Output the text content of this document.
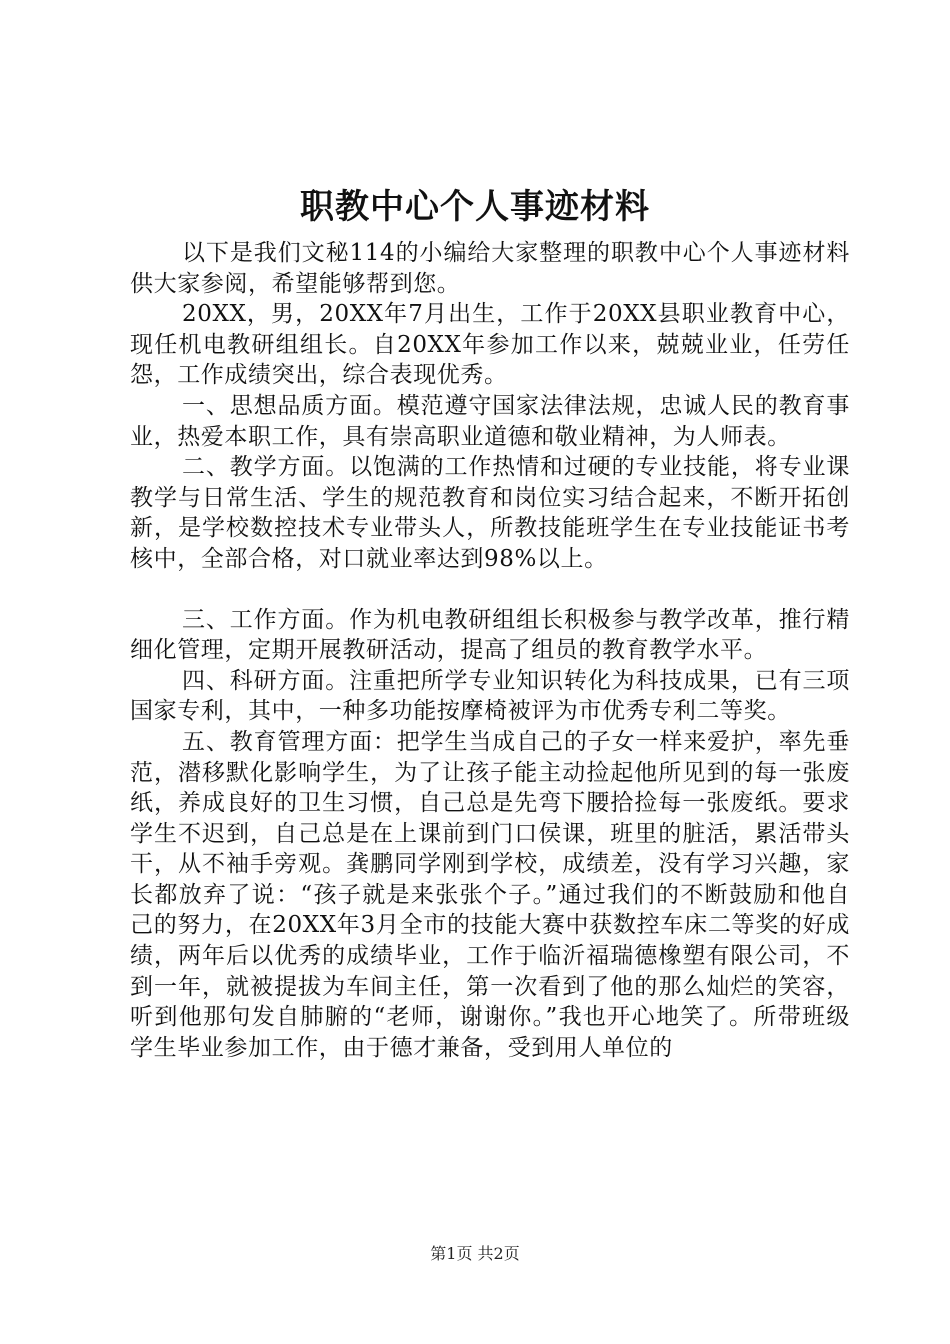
职教中心个人事迹材料

以下是我们文秘114的小编给大家整理的职教中心个人事迹材料供大家参阅，希望能够帮到您。

20XX，男，20XX年7月出生，工作于20XX县职业教育中心，现任机电教研组组长。自20XX年参加工作以来，兢兢业业，任劳任怨，工作成绩突出，综合表现优秀。

一、思想品质方面。模范遵守国家法律法规，忠诚人民的教育事业，热爱本职工作，具有崇高职业道德和敬业精神，为人师表。

二、教学方面。以饱满的工作热情和过硬的专业技能，将专业课教学与日常生活、学生的规范教育和岗位实习结合起来，不断开拓创新，是学校数控技术专业带头人，所教技能班学生在专业技能证书考核中，全部合格，对口就业率达到98%以上。

三、工作方面。作为机电教研组组长积极参与教学改革，推行精细化管理，定期开展教研活动，提高了组员的教育教学水平。

四、科研方面。注重把所学专业知识转化为科技成果，已有三项国家专利，其中，一种多功能按摩椅被评为市优秀专利二等奖。

五、教育管理方面：把学生当成自己的子女一样来爱护，率先垂范，潜移默化影响学生，为了让孩子能主动捡起他所见到的每一张废纸，养成良好的卫生习惯，自己总是先弯下腰拾捡每一张废纸。要求学生不迟到，自己总是在上课前到门口侯课，班里的脏活，累活带头干，从不袖手旁观。龚鹏同学刚到学校，成绩差，没有学习兴趣，家长都放弃了说：“孩子就是来张张个子。”通过我们的不断鼓励和他自己的努力，在20XX年3月全市的技能大赛中获数控车床二等奖的好成绩，两年后以优秀的成绩毕业，工作于临沂福瑞德橡塑有限公司，不到一年，就被提拔为车间主任，第一次看到了他的那么灿烂的笑容，听到他那句发自肺腑的“老师，谢谢你。”我也开心地笑了。所带班级学生毕业参加工作，由于德才兼备，受到用人单位的

第1页 共2页
